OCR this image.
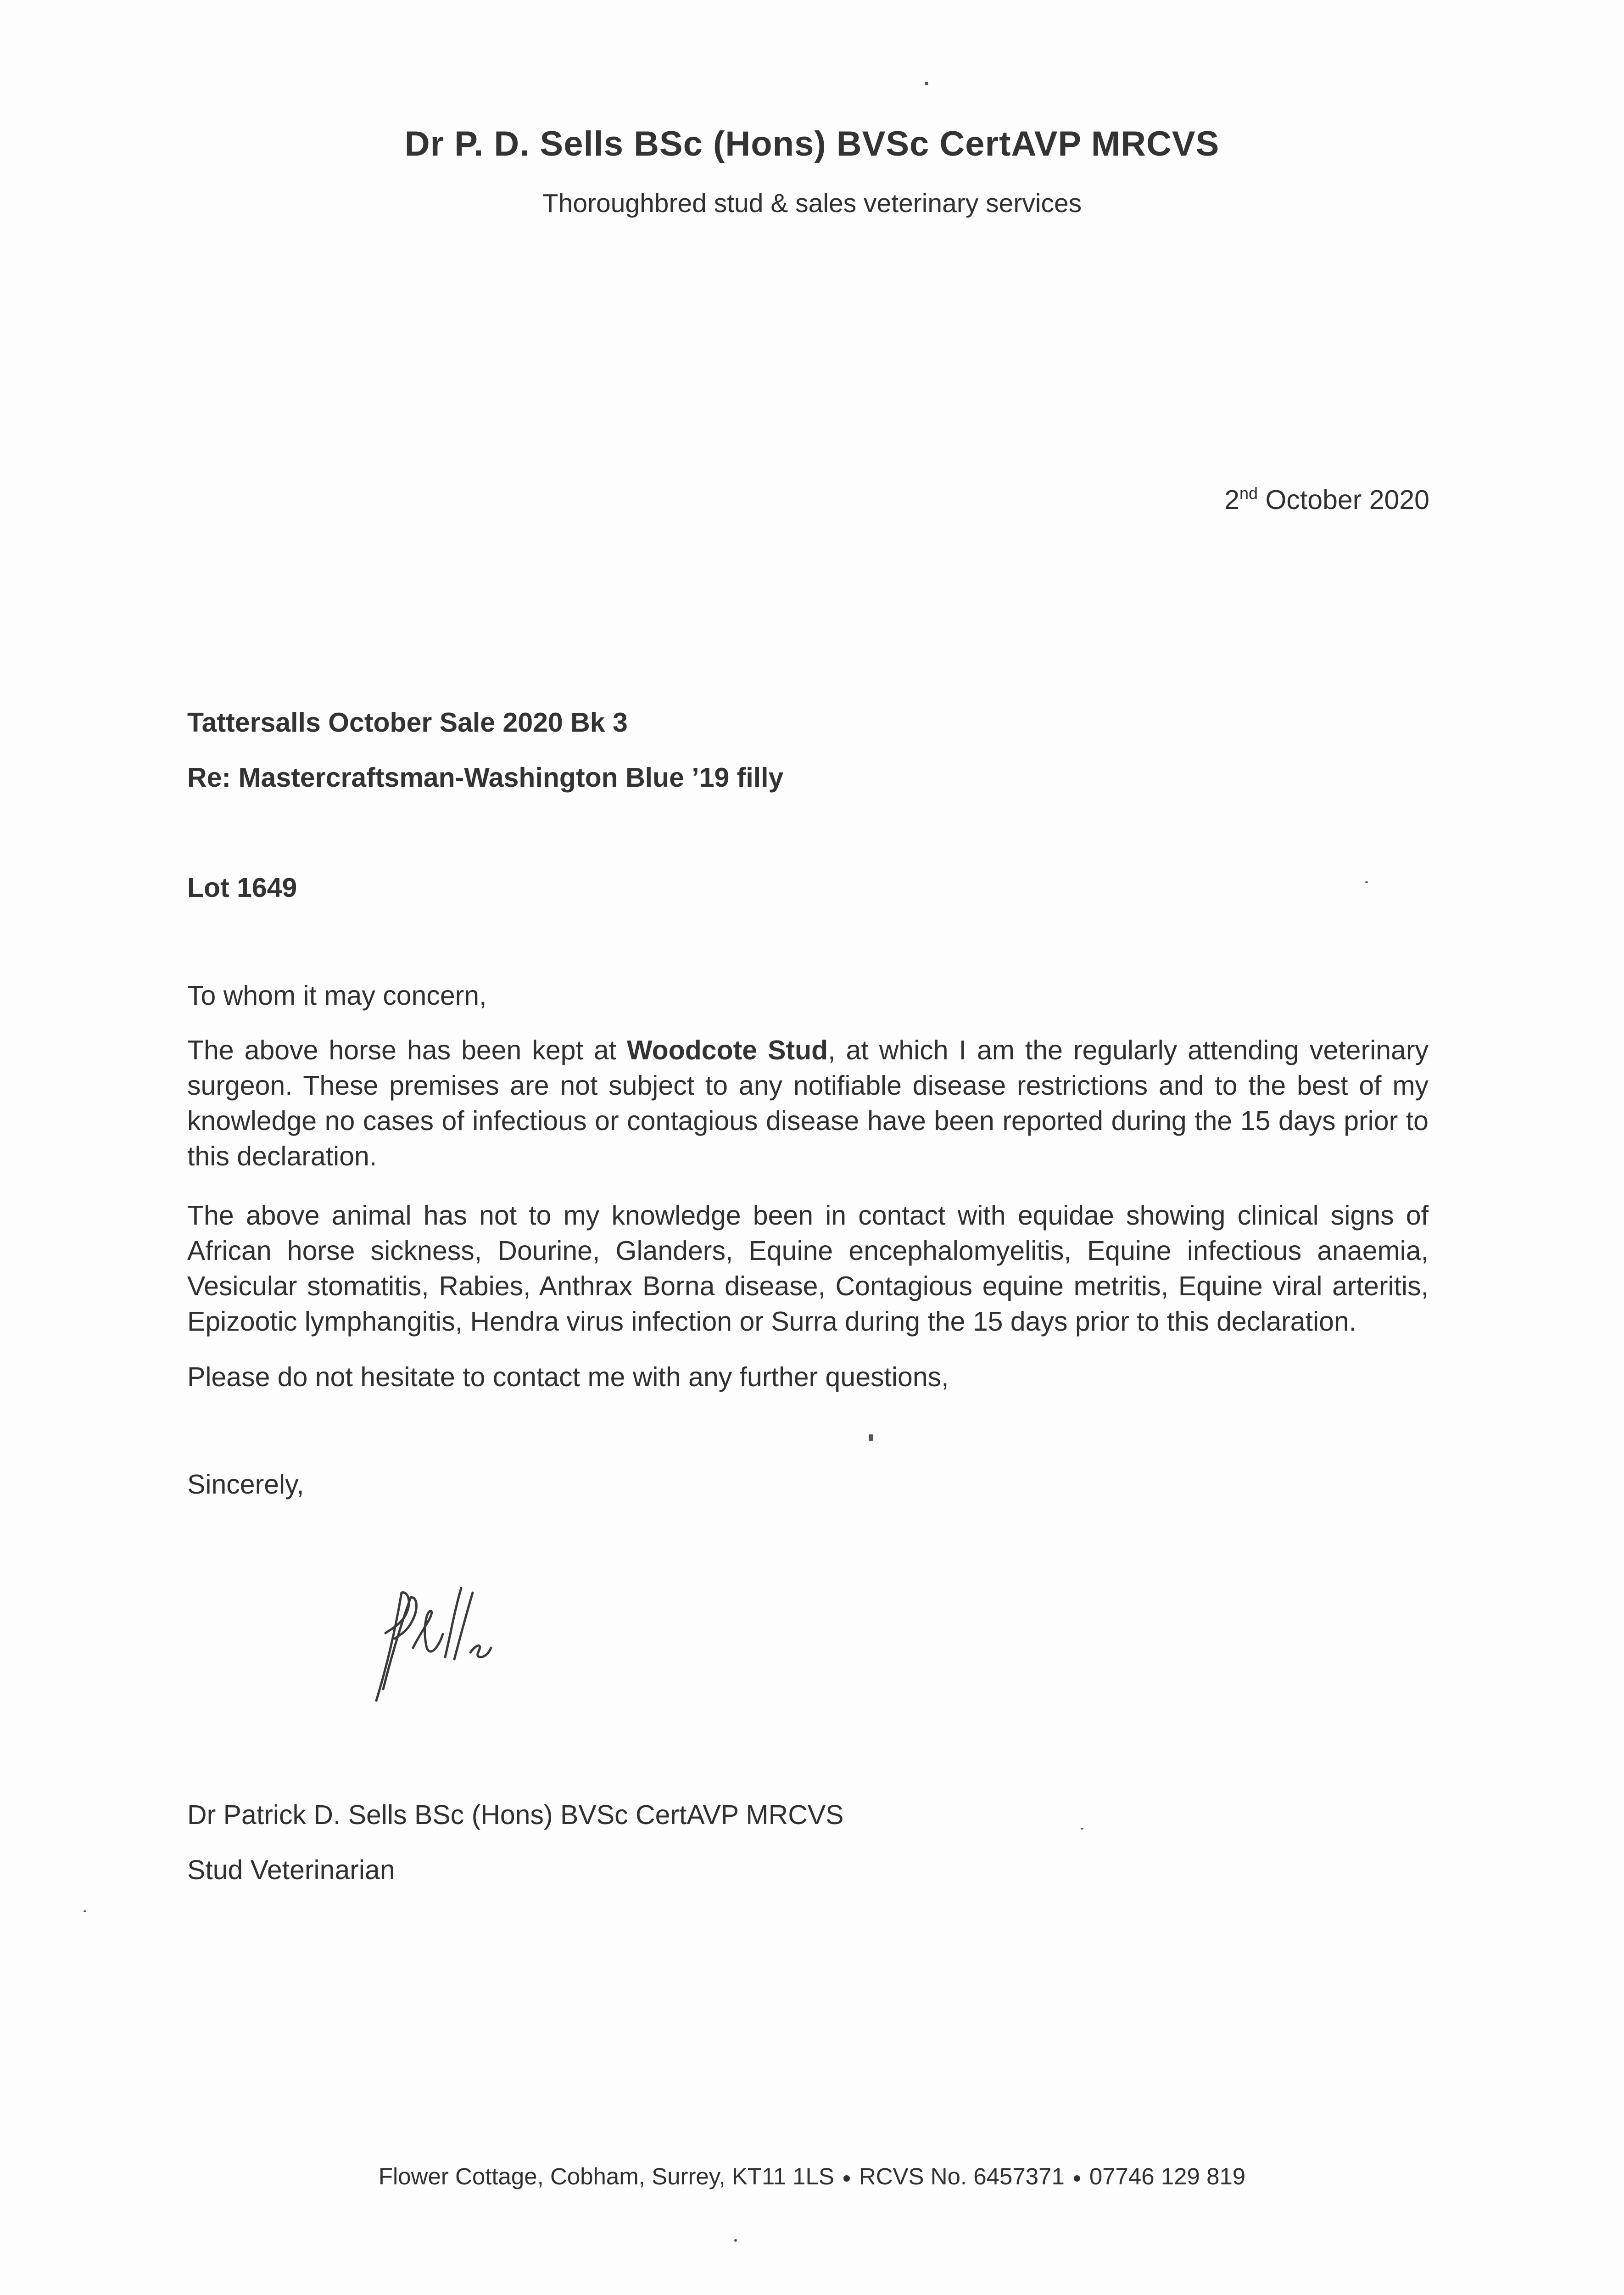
Dr P. D. Sells BSc (Hons) BVSc CertAVP MRCVS
Thoroughbred stud & sales veterinary services
2nd October 2020
Tattersalls October Sale 2020 Bk 3
Re: Mastercraftsman-Washington Blue ’19 filly
Lot 1649
To whom it may concern,
The above horse has been kept at Woodcote Stud, at which I am the regularly attending veterinary surgeon. These premises are not subject to any notifiable disease restrictions and to the best of my knowledge no cases of infectious or contagious disease have been reported during the 15 days prior to this declaration.
The above animal has not to my knowledge been in contact with equidae showing clinical signs of African horse sickness, Dourine, Glanders, Equine encephalomyelitis, Equine infectious anaemia, Vesicular stomatitis, Rabies, Anthrax Borna disease, Contagious equine metritis, Equine viral arteritis, Epizootic lymphangitis, Hendra virus infection or Surra during the 15 days prior to this declaration.
Please do not hesitate to contact me with any further questions,
Sincerely,
Dr Patrick D. Sells BSc (Hons) BVSc CertAVP MRCVS
Stud Veterinarian
Flower Cottage, Cobham, Surrey, KT11 1LS RCVS No. 6457371 07746 129 819
